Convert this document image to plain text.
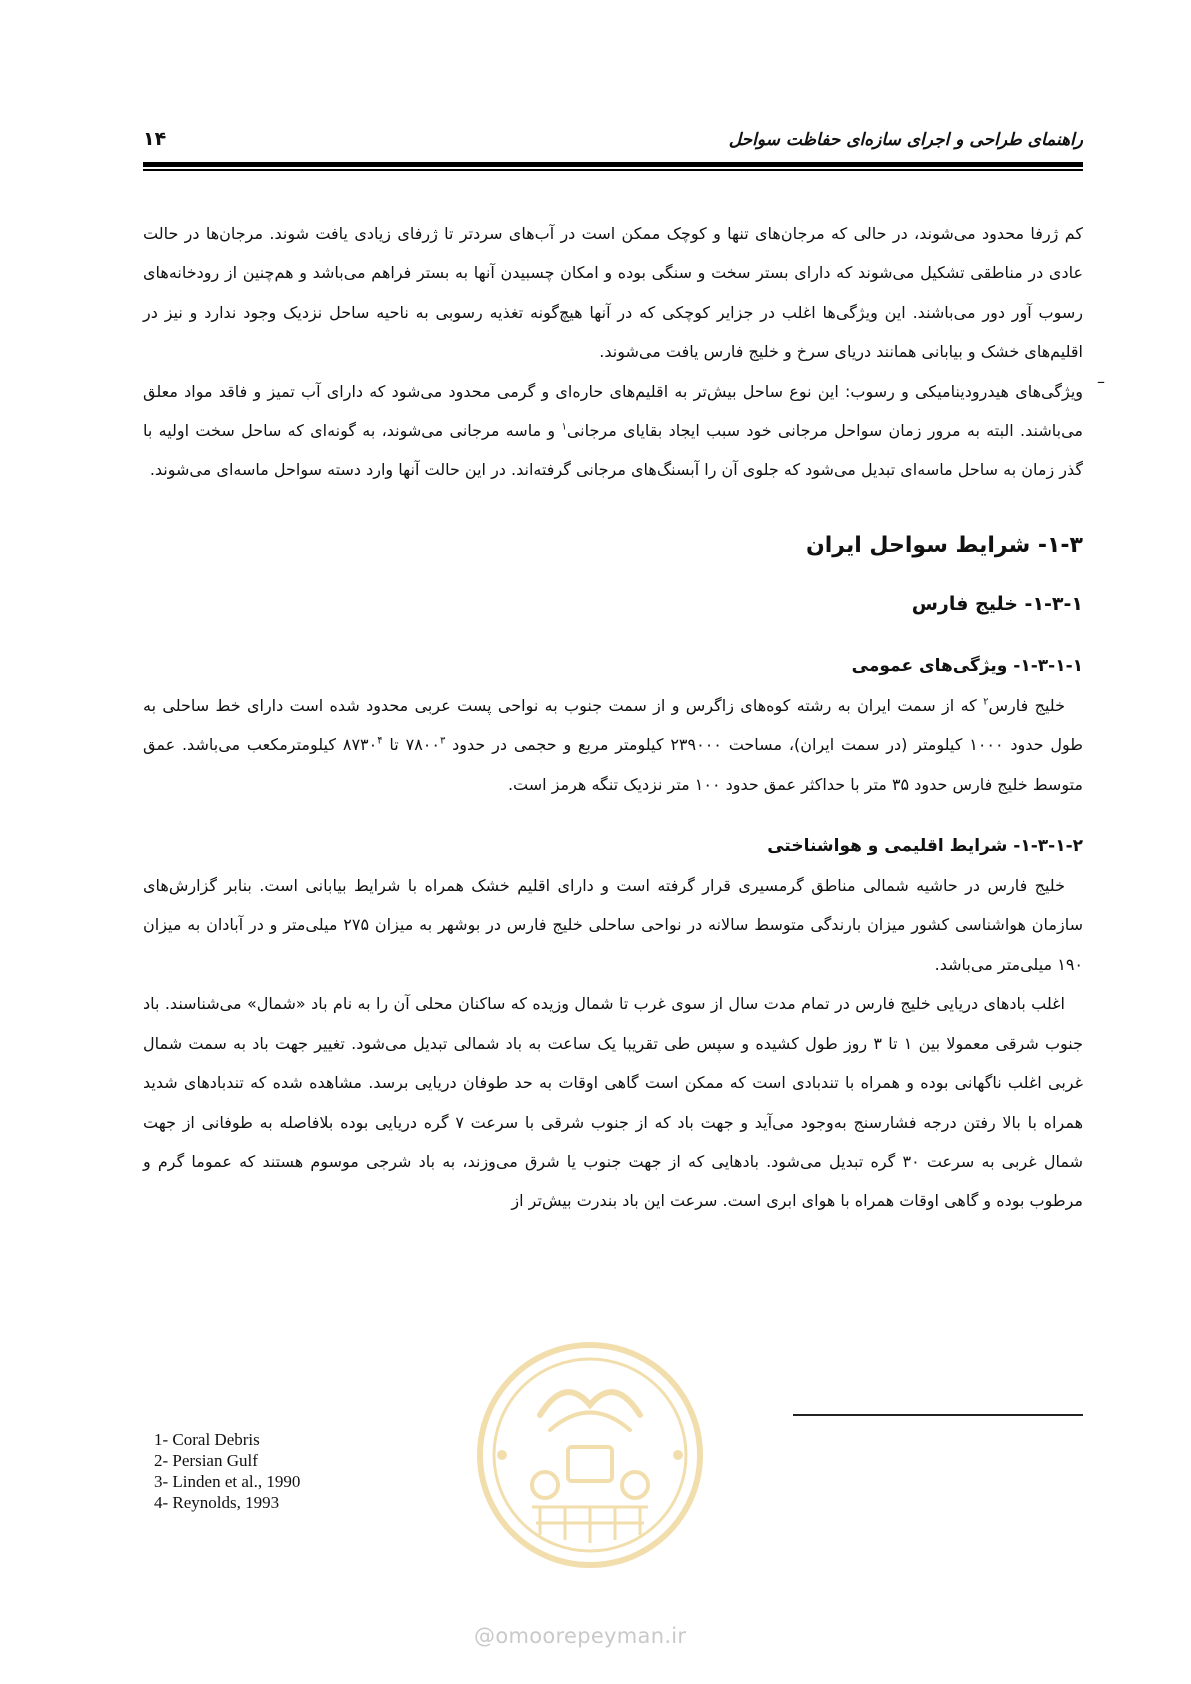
راهنمای طراحی و اجرای سازه‌ای حفاظت سواحل
۱۴

کم ژرفا محدود می‌شوند، در حالی که مرجان‌های تنها و کوچک ممکن است در آب‌های سردتر تا ژرفای زیادی یافت شوند. مرجان‌ها در حالت عادی در مناطقی تشکیل می‌شوند که دارای بستر سخت و سنگی بوده و امکان چسبیدن آنها به بستر فراهم می‌باشد و هم‌چنین از رودخانه‌های رسوب آور دور می‌باشند. این ویژگی‌ها اغلب در جزایر کوچکی که در آنها هیچ‌گونه تغذیه رسوبی به ناحیه ساحل نزدیک وجود ندارد و نیز در اقلیم‌های خشک و بیابانی همانند دریای سرخ و خلیج فارس یافت می‌شوند.

–

ویژگی‌های هیدرودینامیکی و رسوب: این نوع ساحل بیش‌تر به اقلیم‌های حاره‌ای و گرمی محدود می‌شود که دارای آب تمیز و فاقد مواد معلق می‌باشند. البته به مرور زمان سواحل مرجانی خود سبب ایجاد بقایای مرجانی$^۱$ و ماسه مرجانی می‌شوند، به گونه‌ای که ساحل سخت اولیه با گذر زمان به ساحل ماسه‌ای تبدیل می‌شود که جلوی آن را آبسنگ‌های مرجانی گرفته‌اند. در این حالت آنها وارد دسته سواحل ماسه‌ای می‌شوند.

۱-۳- شرایط سواحل ایران
۱-۳-۱- خلیج فارس
۱-۳-۱-۱- ویژگی‌های عمومی

خلیج فارس$^۲$ که از سمت ایران به رشته کوه‌های زاگرس و از سمت جنوب به نواحی پست عربی محدود شده است دارای خط ساحلی به طول حدود ۱۰۰۰ کیلومتر (در سمت ایران)، مساحت ۲۳۹۰۰۰ کیلومتر مربع و حجمی در حدود ۷۸۰۰$^۳$ تا ۸۷۳۰$^۴$ کیلومترمکعب می‌باشد. عمق متوسط خلیج فارس حدود ۳۵ متر با حداکثر عمق حدود ۱۰۰ متر نزدیک تنگه هرمز است.

۱-۳-۱-۲- شرایط اقلیمی و هواشناختی

خلیج فارس در حاشیه شمالی مناطق گرمسیری قرار گرفته است و دارای اقلیم خشک همراه با شرایط بیابانی است. بنابر گزارش‌های سازمان هواشناسی کشور میزان بارندگی متوسط سالانه در نواحی ساحلی خلیج فارس در بوشهر به میزان ۲۷۵ میلی‌متر و در آبادان به میزان ۱۹۰ میلی‌متر می‌باشد.

اغلب بادهای دریایی خلیج فارس در تمام مدت سال از سوی غرب تا شمال وزیده که ساکنان محلی آن را به نام باد «شمال» می‌شناسند. باد جنوب شرقی معمولا بین ۱ تا ۳ روز طول کشیده و سپس طی تقریبا یک ساعت به باد شمالی تبدیل می‌شود. تغییر جهت باد به سمت شمال غربی اغلب ناگهانی بوده و همراه با تندبادی است که ممکن است گاهی اوقات به حد طوفان دریایی برسد. مشاهده شده که تندبادهای شدید همراه با بالا رفتن درجه فشارسنج به‌وجود می‌آید و جهت باد که از جنوب شرقی با سرعت ۷ گره دریایی بوده بلافاصله به طوفانی از جهت شمال غربی به سرعت ۳۰ گره تبدیل می‌شود. بادهایی که از جهت جنوب یا شرق می‌وزند، به باد شرجی موسوم هستند که عموما گرم و مرطوب بوده و گاهی اوقات همراه با هوای ابری است. سرعت این باد بندرت بیش‌تر از

1- Coral Debris

2- Persian Gulf

3- Linden et al., 1990

4- Reynolds, 1993

@omoorepeyman.ir
